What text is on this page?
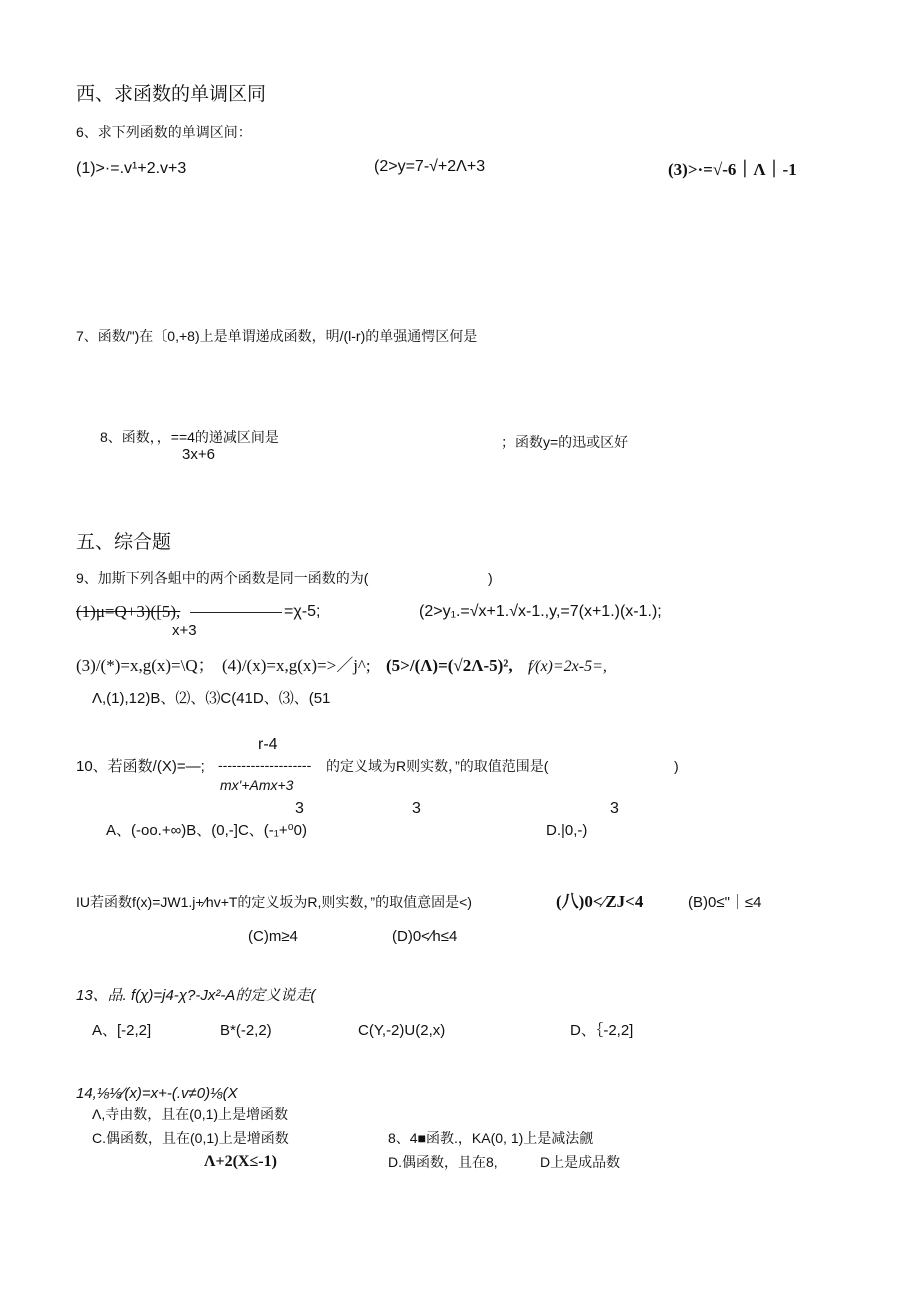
西、求函数的单调区同
6、求下列函数的单调区间：
(1)>·=.v¹+2.v+3	(2>y=7-√+2Λ+3	(3)>·=√-6｜Λ｜-1
7、函数/")在〔0,+8)上是单谓递成函数，明/(l-r)的单强通愕区何是
8、函数，，==4的递减区间是
3x+6
；函数y=的迅或区好
五、综合题
9、加斯下列各蛆中的两个函数是同一函数的为(	)
(1)μ=Q+3)([5),	=χ-5;
x+3
(2>y₁.=√x+1.√x-1.,y,=7(x+1.)(x-1.);
(3)/(*)=x,g(x)=\Q； (4)/(x)=x,g(x)=>／j^; (5>/(Λ)=(√2Λ-5)², f⁄(x)=2x-5=,
Λ,(1),12)B、⑵、⑶C(41D、⑶、(51
r-4
10、若函数/(X)=—; -------------------- 的定义域为R则实数，”的取值范围是(	)
mx'+Amx+3
3	3	3
A、(-oo.+∞)B、(0,-]C、(-₁+⁰0)	D.|0,-)
IU若函数f(x)=JW1.j+⁄hv+T的定义坂为R,则实数，”的取值意固是<)	(八)0<⁄ZJ<4	(B)0≤"｜≤4
(C)m≥4	(D)0<⁄h≤4
13、品. f(χ)=j4-χ?-Jx²-A的定义说走(
A、[-2,2]	B*(-2,2)	C(Y,-2)U(2,x)	D、｛-2,2]
14,⅛⅛∕(x)=x+-(.v≠0)⅛(X
Λ,寺由数，且在(0,1)上是增函数
C.偶函数，且在(0,1)上是增函数	8、4■函教.，KA(0, 1)上是减法觎
Λ+2(X≤-1)	D.偶函数，且在8,	D上是成品数
